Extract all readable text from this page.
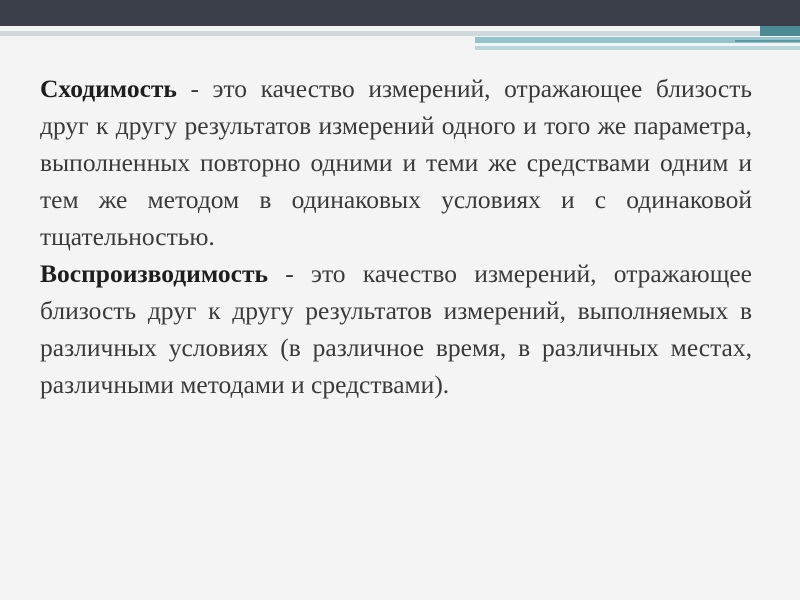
Сходимость - это качество измерений, отражающее близость друг к другу результатов измерений одного и того же параметра, выполненных повторно одними и теми же средствами одним и тем же методом в одинаковых условиях и с одинаковой тщательностью.

Воспроизводимость - это качество измерений, отражающее близость друг к другу результатов измерений, выполняемых в различных условиях (в различное время, в различных местах, различными методами и средствами).
